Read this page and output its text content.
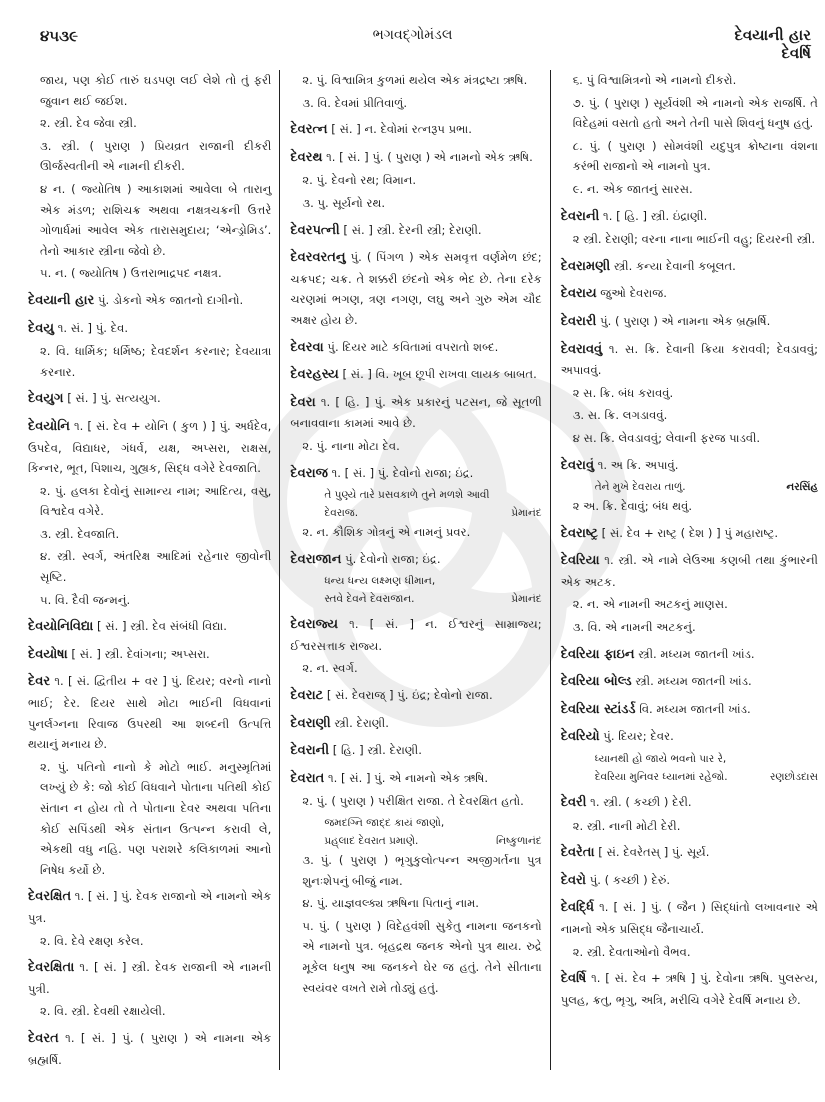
૪૫૩૯	ભગવદ્ગોમંડલ	દેવયાની હાર
દેવર્ષિ
જાય, પણ કોઈ તારું ઘડપણ લઈ લેશે તો તું ફરી જુવાન થઈ જઈશ.
૨. સ્ત્રી. દેવ જેવા સ્ત્રી.
૩. સ્ત્રી. ( પુરાણ ) પ્રિયવ્રત રાજાની દીકરી ઊર્જસ્વતીની એ નામની દીકરી.
૪ ન. ( જ્યોતિષ ) આકાશમાં આવેલા બે તારાનુ એક મંડળ; રાશિચક્ર અથવા નક્ષત્રચક્રની ઉત્તરે ગોળાર્ધમાં આવેલ એક તારાસમુદાય; ‘એન્ડ્રોમિડ’. તેનો આકાર સ્ત્રીના જેવો છે.
૫. ન. ( જ્યોતિષ ) ઉત્તરાભાદ્રપદ નક્ષત્ર.
દેવયાની હાર પું. ડોકનો એક જાતનો દાગીનો.
દેવયુ ૧. સં. ] પું. દેવ.
૨. વિ. ધાર્મિક; ધર્મિષ્ઠ; દેવદર્શન કરનાર; દેવયાત્રા કરનાર.
દેવયુગ [ સં. ] પું. સત્યયુગ.
દેવયોનિ ૧. [ સં. દેવ + યોનિ ( કુળ ) ] પું. અર્ધદેવ, ઉપદેવ, વિદ્યાધર, ગંધર્વ, યક્ષ, અપ્સરા, રાક્ષસ, કિન્નર, ભૂત, પિશાચ, ગુહ્યક, સિદ્ધ વગેરે દેવજાતિ.
૨. પું. હલકા દેવોનું સામાન્ય નામ; આદિત્ય, વસુ, વિશ્વદેવ વગેરે.
૩. સ્ત્રી. દેવજાતિ.
૪. સ્ત્રી. સ્વર્ગ, અંતરિક્ષ આદિમાં રહેનાર જીવોની સૃષ્ટિ.
૫. વિ. દૈવી જન્મનું.
દેવયોનિવિદ્યા [ સં. ] સ્ત્રી. દેવ સંબંધી વિદ્યા.
દેવયોષા [ સં. ] સ્ત્રી. દેવાંગના; અપ્સરા.
દેવર ૧. [ સં. દ્વિતીય + વર ] પું. દિયર; વરનો નાનો ભાઈ; દેર. દિયર સાથે મોટા ભાઈની વિધવાનાં પુનર્લગ્નના રિવાજ ઉપરથી આ શબ્દની ઉત્પત્તિ થયાનું મનાય છે.
૨. પું. પતિનો નાનો કે મોટો ભાઈ. મનુસ્મૃતિમાં લખ્યું છે કે: જો કોઈ વિધવાને પોતાના પતિથી કોઈ સંતાન ન હોય તો તે પોતાના દેવર અથવા પતિના કોઈ સપિંડથી એક સંતાન ઉત્પન્ન કરાવી લે, એકથી વધુ નહિ. પણ પરાશરે કલિકાળમાં આનો નિષેધ કર્યો છે.
દેવરક્ષિત ૧. [ સં. ] પું. દેવક રાજાનો એ નામનો એક પુત્ર.
૨. વિ. દેવે રક્ષણ કરેલ.
દેવરક્ષિતા ૧. [ સં. ] સ્ત્રી. દેવક રાજાની એ નામની પુત્રી.
૨. વિ. સ્ત્રી. દેવથી રક્ષાયેલી.
દેવરત ૧. [ સં. ] પું. ( પુરાણ ) એ નામના એક બ્રહ્મર્ષિ.
૨. પું. વિશ્વામિત્ર કુળમાં થયેલ એક મંત્રદ્રષ્ટા ઋષિ.
૩. વિ. દેવમાં પ્રીતિવાળું.
દેવરત્ન [ સં. ] ન. દેવોમાં રત્નરૂપ પ્રભા.
દેવરથ ૧. [ સં. ] પું. ( પુરાણ ) એ નામનો એક ઋષિ.
૨. પું. દેવનો રથ; વિમાન.
૩. પુ. સૂર્યનો રથ.
દેવરપત્ની [ સં. ] સ્ત્રી. દેરની સ્ત્રી; દેરાણી.
દેવરવરતનુ પું. ( પિંગળ ) એક સમવૃત્ત વર્ણમેળ છંદ; ચક્રપદ; ચક્ર. તે શક્કરી છંદનો એક ભેદ છે. તેના દરેક ચરણમાં ભગણ, ત્રણ નગણ, લઘુ અને ગુરુ એમ ચૌદ અક્ષર હોય છે.
દેવરવા પું. દિયર માટે કવિતામાં વપરાતો શબ્દ.
દેવરહસ્ય [ સં. ] વિ. ખૂબ છૂપી રાખવા લાયક બાબત.
દેવરા ૧. [ હિ. ] પું. એક પ્રકારનું પટસન, જે સૂતળી બનાવવાના કામમાં આવે છે.
૨. પું. નાના મોટા દેવ.
દેવરાજ ૧. [ સં. ] પું. દેવોનો રાજા; ઇંદ્ર.
તે પુણ્યે તારે પ્રસવકાળે તુને મળશે આવી
દેવરાજ.	પ્રેમાનંદ
૨. ન. કૌશિક ગોત્રનું એ નામનું પ્રવર.
દેવરાજાન પું. દેવોનો રાજા; ઇંદ્ર.
ધન્ય ધન્ય લક્ષ્મણ ધીમાન,
સ્તવે દેવને દેવરાજાન.	પ્રેમાનંદ
દેવરાજ્ય ૧. [ સં. ] ન. ઈશ્વરનું સામ્રાજ્ય; ઈશ્વરસત્તાક રાજ્ય.
૨. ન. સ્વર્ગ.
દેવરાટ [ સં. દેવરાજ્ ] પું. ઇંદ્ર; દેવોનો રાજા.
દેવરાણી સ્ત્રી. દેરાણી.
દેવરાની [ હિ. ] સ્ત્રી. દેરાણી.
દેવરાત ૧. [ સં. ] પું. એ નામનો એક ઋષિ.
૨. પું. ( પુરાણ ) પરીક્ષિત રાજા. તે દેવરક્ષિત હતો.
જમદગ્નિ જાદ્દ કાયં જાણો,
પ્રહ્‌લાદ દેવરાત પ્રમાણે.	નિષ્કુળાનંદ
૩. પું. ( પુરાણ ) ભૃગુકુલોત્પન્ન અજીગર્તના પુત્ર શુનઃશેપનું બીજું નામ.
૪. પું. યાજ્ઞવલ્ક્ય ઋષિના પિતાનું નામ.
૫. પું. ( પુરાણ ) વિદેહવંશી સુકેતુ નામના જનકનો એ નામનો પુત્ર. બૃહદ્રથ જનક એનો પુત્ર થાય. રુદ્રે મૂકેલ ધનુષ આ જનકને ઘેર જ હતું. તેને સીતાના સ્વયંવર વખતે રામે તોડ્યું હતું.
૬. પું વિશ્વામિત્રનો એ નામનો દીકરો.
૭. પું. ( પુરાણ ) સૂર્યવંશી એ નામનો એક રાજર્ષિ. તે વિદેહમાં વસતો હતો અને તેની પાસે શિવનું ધનુષ હતું.
૮. પું. ( પુરાણ ) સોમવંશી યદુપુત્ર ક્રોષ્ટાના વંશના કરંભી રાજાનો એ નામનો પુત્ર.
૯. ન. એક જાતનું સારસ.
દેવરાની ૧. [ હિ. ] સ્ત્રી. ઇંદ્રાણી.
૨ સ્ત્રી. દેરાણી; વરના નાના ભાઈની વહુ; દિયરની સ્ત્રી.
દેવરામણી સ્ત્રી. કન્યા દેવાની કબૂલત.
દેવરાય જુઓ દેવરાજ.
દેવરારી પું. ( પુરાણ ) એ નામના એક બ્રહ્મર્ષિ.
દેવરાવવું ૧. સ. ક્રિ. દેવાની ક્રિયા કરાવવી; દેવડાવવું; અપાવવું.
૨ સ. ક્રિ. બંધ કરાવવું.
૩. સ. ક્રિ. લગડાવવું.
૪ સ. ક્રિ. લેવડાવવું; લેવાની ફરજ પાડવી.
દેવરાવું ૧. અ ક્રિ. અપાવું.
તેને મુખે દેવરાય તાળું.	નરસિંહ
૨ અ. ક્રિ. દેવાવું; બંધ થવું.
દેવરાષ્ટ્ર [ સં. દેવ + રાષ્ટ્ર ( દેશ ) ] પું મહારાષ્ટ્ર.
દેવરિયા ૧. સ્ત્રી. એ નામે લેઉઆ કણબી તથા કુંભારની એક અટક.
૨. ન. એ નામની અટકનું માણસ.
૩. વિ. એ નામની અટકનું.
દેવરિયા ફાઇન સ્ત્રી. મધ્યમ જાતની ખાંડ.
દેવરિયા બોલ્ડ સ્ત્રી. મધ્યમ જાતની ખાંડ.
દેવરિયા સ્ટાંડર્ડ વિ. મધ્યમ જાતની ખાંડ.
દેવરિયો પું. દિયર; દેવર.
ધ્યાનથી હો જાયે ભવનો પાર રે,
દેવરિયા મુનિવર ધ્યાનમાં રહેજો.	રણછોડદાસ
દેવરી ૧. સ્ત્રી. ( કચ્છી ) દેરી.
૨. સ્ત્રી. નાની મોટી દેરી.
દેવરેતા [ સં. દેવરેતસ્ ] પું. સૂર્ય.
દેવરો પું. ( કચ્છી ) દેરું.
દેવર્દ્ધિ ૧. [ સં. ] પું. ( જૈન ) સિદ્ધાંતો લખાવનાર એ નામનો એક પ્રસિદ્ધ જૈનાચાર્ય.
૨. સ્ત્રી. દેવતાઓનો વૈભવ.
દેવર્ષિ ૧. [ સં. દેવ + ઋષિ ] પું. દેવોના ઋષિ. પુલસ્ત્ય, પુલહ, ક્રતુ, ભૃગુ, અત્રિ, મરીચિ વગેરે દેવર્ષિ મનાય છે.
